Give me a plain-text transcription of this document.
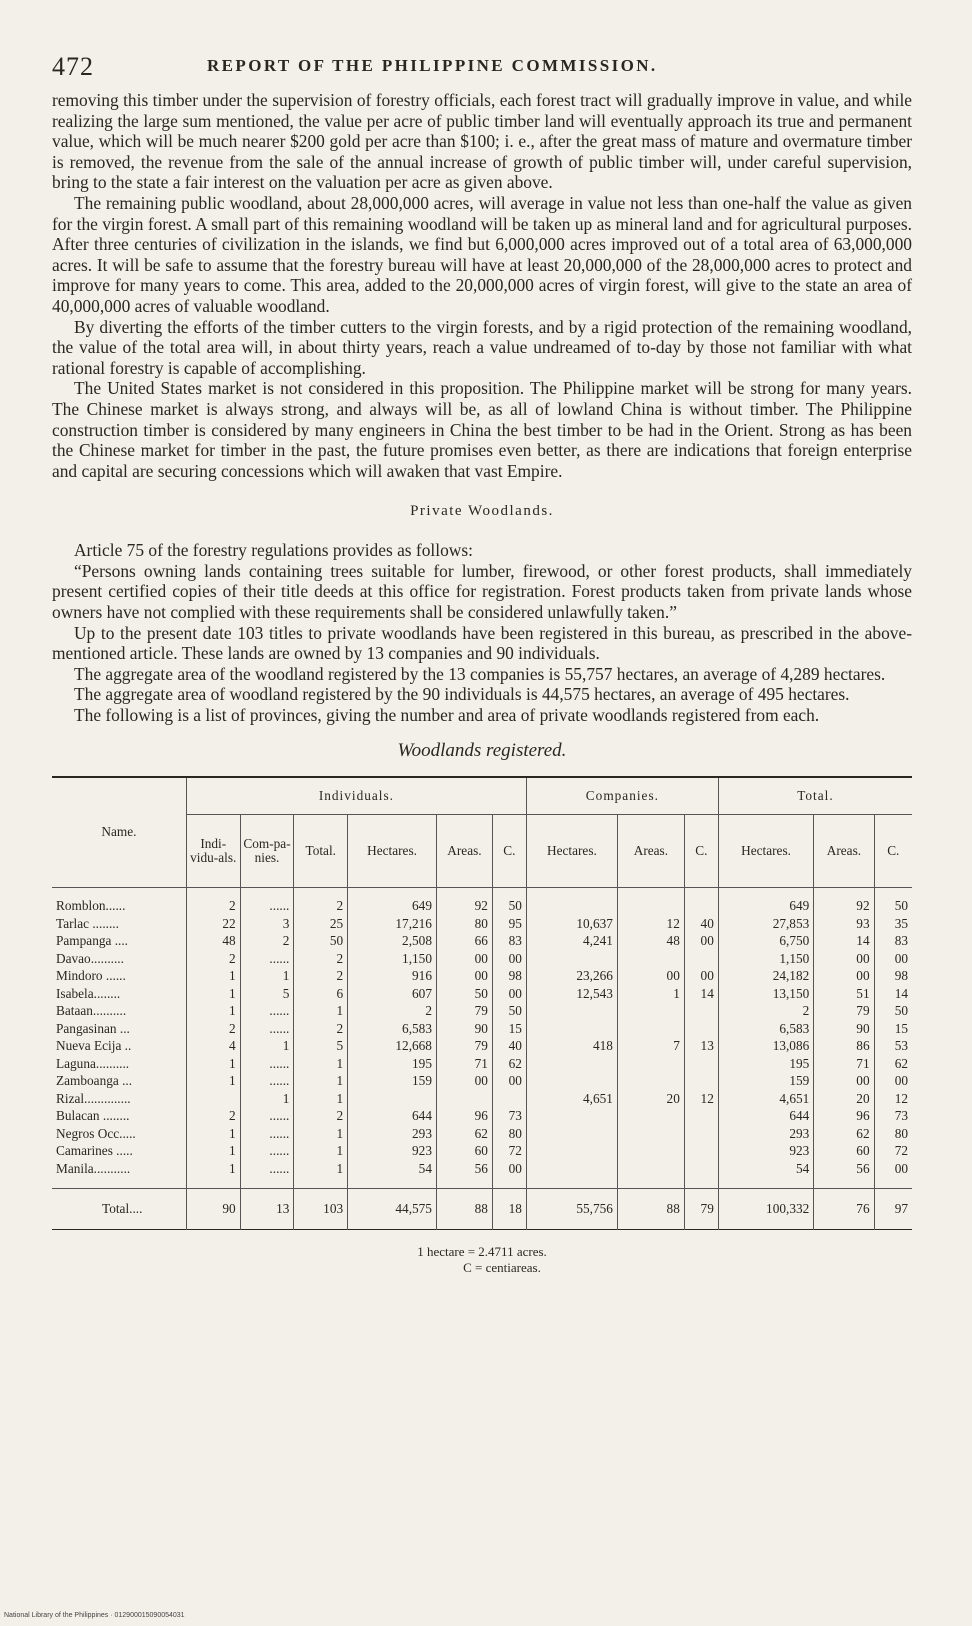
472	REPORT OF THE PHILIPPINE COMMISSION.

removing this timber under the supervision of forestry officials, each forest tract will gradually improve in value, and while realizing the large sum mentioned, the value per acre of public timber land will eventually approach its true and permanent value, which will be much nearer $200 gold per acre than $100; i. e., after the great mass of mature and overmature timber is removed, the revenue from the sale of the annual increase of growth of public timber will, under careful supervision, bring to the state a fair interest on the valuation per acre as given above.

The remaining public woodland, about 28,000,000 acres, will average in value not less than one-half the value as given for the virgin forest. A small part of this remaining woodland will be taken up as mineral land and for agricultural purposes. After three centuries of civilization in the islands, we find but 6,000,000 acres improved out of a total area of 63,000,000 acres. It will be safe to assume that the forestry bureau will have at least 20,000,000 of the 28,000,000 acres to protect and improve for many years to come. This area, added to the 20,000,000 acres of virgin forest, will give to the state an area of 40,000,000 acres of valuable woodland.

By diverting the efforts of the timber cutters to the virgin forests, and by a rigid protection of the remaining woodland, the value of the total area will, in about thirty years, reach a value undreamed of to-day by those not familiar with what rational forestry is capable of accomplishing.

The United States market is not considered in this proposition. The Philippine market will be strong for many years. The Chinese market is always strong, and always will be, as all of lowland China is without timber. The Philippine construction timber is considered by many engineers in China the best timber to be had in the Orient. Strong as has been the Chinese market for timber in the past, the future promises even better, as there are indications that foreign enterprise and capital are securing concessions which will awaken that vast Empire.

Private Woodlands.

Article 75 of the forestry regulations provides as follows:

“Persons owning lands containing trees suitable for lumber, firewood, or other forest products, shall immediately present certified copies of their title deeds at this office for registration. Forest products taken from private lands whose owners have not complied with these requirements shall be considered unlawfully taken.”

Up to the present date 103 titles to private woodlands have been registered in this bureau, as prescribed in the above-mentioned article. These lands are owned by 13 companies and 90 individuals.

The aggregate area of the woodland registered by the 13 companies is 55,757 hectares, an average of 4,289 hectares.

The aggregate area of woodland registered by the 90 individuals is 44,575 hectares, an average of 495 hectares.

The following is a list of provinces, giving the number and area of private woodlands registered from each.

Woodlands registered.
Name.	Individuals.						Companies.			Total.		
	Indi-vidu-als.	Com-pa-nies.	Total.	Hectares.	Areas.	C.	Hectares.	Areas.	C.	Hectares.	Areas.	C.

Romblon......	2	......	2	649	92	50				649	92	50
Tarlac ........	22	3	25	17,216	80	95	10,637	12	40	27,853	93	35
Pampanga ....	48	2	50	2,508	66	83	4,241	48	00	6,750	14	83
Davao..........	2	......	2	1,150	00	00				1,150	00	00
Mindoro ......	1	1	2	916	00	98	23,266	00	00	24,182	00	98
Isabela........	1	5	6	607	50	00	12,543	1	14	13,150	51	14
Bataan..........	1	......	1	2	79	50				2	79	50
Pangasinan ...	2	......	2	6,583	90	15				6,583	90	15
Nueva Ecija ..	4	1	5	12,668	79	40	418	7	13	13,086	86	53
Laguna..........	1	......	1	195	71	62				195	71	62
Zamboanga ...	1	......	1	159	00	00				159	00	00
Rizal..............		1	1				4,651	20	12	4,651	20	12
Bulacan ........	2	......	2	644	96	73				644	96	73
Negros Occ.....	1	......	1	293	62	80				293	62	80
Camarines .....	1	......	1	923	60	72				923	60	72
Manila...........	1	......	1	54	56	00				54	56	00

Total....	90	13	103	44,575	88	18	55,756	88	79	100,332	76	97
1 hectare = 2.4711 acres.
C = centiareas.
National Library of the Philippines · 012900015090054031
